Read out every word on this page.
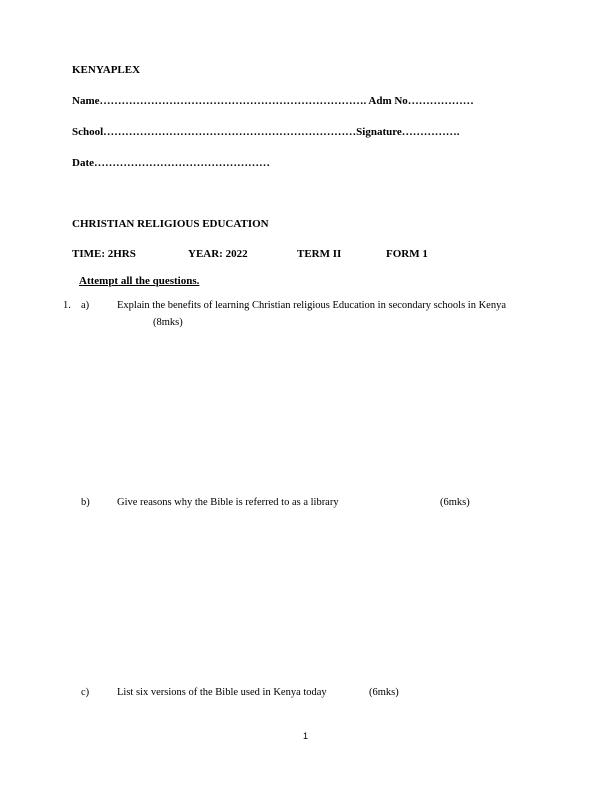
KENYAPLEX
Name………………………………………………………………. Adm No………………
School……………………………………………………………Signature…………….
Date…………………………………………
CHRISTIAN RELIGIOUS EDUCATION
TIME: 2HRS	YEAR: 2022	TERM II	FORM 1
Attempt all the questions.
1. a)	Explain the benefits of learning Christian religious Education in secondary schools in Kenya
(8mks)
b)	Give reasons why the Bible is referred to as a library	(6mks)
c)	List six versions of the Bible used in Kenya today	(6mks)
1
